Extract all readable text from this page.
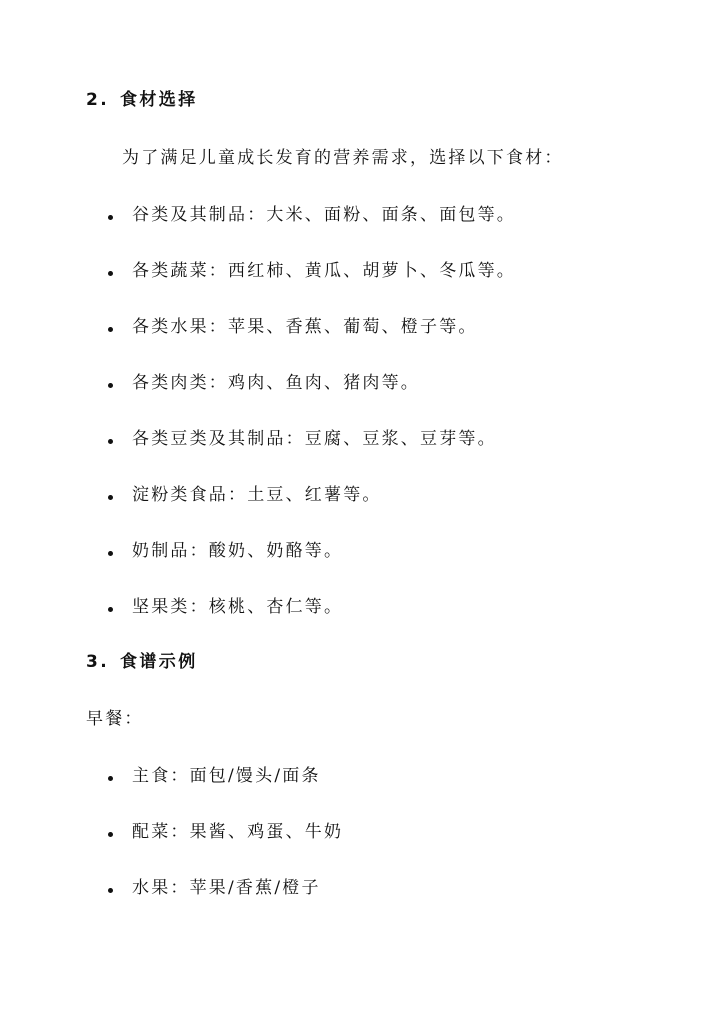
2. 食材选择
为了满足儿童成长发育的营养需求，选择以下食材：
谷类及其制品：大米、面粉、面条、面包等。
各类蔬菜：西红柿、黄瓜、胡萝卜、冬瓜等。
各类水果：苹果、香蕉、葡萄、橙子等。
各类肉类：鸡肉、鱼肉、猪肉等。
各类豆类及其制品：豆腐、豆浆、豆芽等。
淀粉类食品：土豆、红薯等。
奶制品：酸奶、奶酪等。
坚果类：核桃、杏仁等。
3. 食谱示例
早餐：
主食：面包/馒头/面条
配菜：果酱、鸡蛋、牛奶
水果：苹果/香蕉/橙子
